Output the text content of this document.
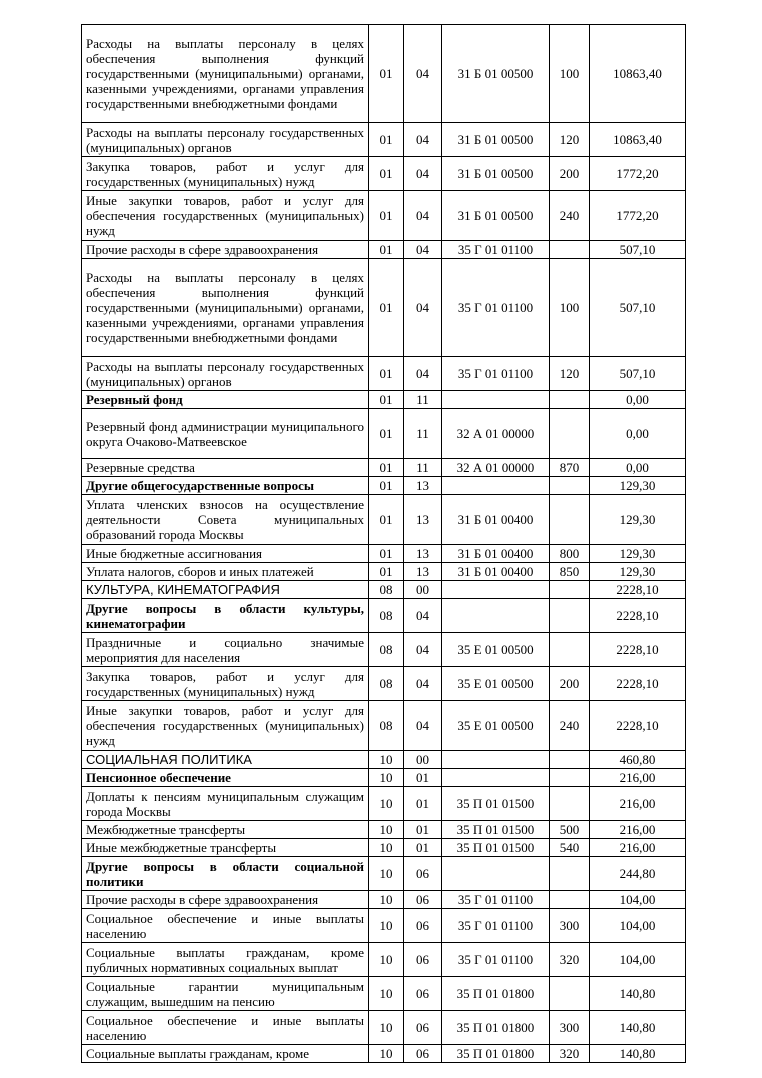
Расходы на выплаты персоналу в целях обеспечения выполнения функций государственными (муниципальными) органами, казенными учреждениями, органами управления государственными внебюджетными фондами	01	04	31 Б 01 00500	100	10863,40
Расходы на выплаты персоналу государственных (муниципальных) органов	01	04	31 Б 01 00500	120	10863,40
Закупка товаров, работ и услуг для государственных (муниципальных) нужд	01	04	31 Б 01 00500	200	1772,20
Иные закупки товаров, работ и услуг для обеспечения государственных (муниципальных) нужд	01	04	31 Б 01 00500	240	1772,20
Прочие расходы в сфере здравоохранения	01	04	35 Г 01 01100		507,10
Расходы на выплаты персоналу в целях обеспечения выполнения функций государственными (муниципальными) органами, казенными учреждениями, органами управления государственными внебюджетными фондами	01	04	35 Г 01 01100	100	507,10
Расходы на выплаты персоналу государственных (муниципальных) органов	01	04	35 Г 01 01100	120	507,10
Резервный фонд	01	11			0,00
Резервный фонд администрации муниципального округа Очаково-Матвеевское	01	11	32 А 01 00000		0,00
Резервные средства	01	11	32 А 01 00000	870	0,00
Другие общегосударственные вопросы	01	13			129,30
Уплата членских взносов на осуществление деятельности Совета муниципальных образований города Москвы	01	13	31 Б 01 00400		129,30
Иные бюджетные ассигнования	01	13	31 Б 01 00400	800	129,30
Уплата налогов, сборов и иных платежей	01	13	31 Б 01 00400	850	129,30
КУЛЬТУРА, КИНЕМАТОГРАФИЯ	08	00			2228,10
Другие вопросы в области культуры, кинематографии	08	04			2228,10
Праздничные и социально значимые мероприятия для населения	08	04	35 Е 01 00500		2228,10
Закупка товаров, работ и услуг для государственных (муниципальных) нужд	08	04	35 Е 01 00500	200	2228,10
Иные закупки товаров, работ и услуг для обеспечения государственных (муниципальных) нужд	08	04	35 Е 01 00500	240	2228,10
СОЦИАЛЬНАЯ ПОЛИТИКА	10	00			460,80
Пенсионное обеспечение	10	01			216,00
Доплаты к пенсиям муниципальным служащим города Москвы	10	01	35 П 01 01500		216,00
Межбюджетные трансферты	10	01	35 П 01 01500	500	216,00
Иные межбюджетные трансферты	10	01	35 П 01 01500	540	216,00
Другие вопросы в области социальной политики	10	06			244,80
Прочие расходы в сфере здравоохранения	10	06	35 Г 01 01100		104,00
Социальное обеспечение и иные выплаты населению	10	06	35 Г 01 01100	300	104,00
Социальные выплаты гражданам, кроме публичных нормативных социальных выплат	10	06	35 Г 01 01100	320	104,00
Социальные гарантии муниципальным служащим, вышедшим на пенсию	10	06	35 П 01 01800		140,80
Социальное обеспечение и иные выплаты населению	10	06	35 П 01 01800	300	140,80
Социальные выплаты гражданам, кроме	10	06	35 П 01 01800	320	140,80
